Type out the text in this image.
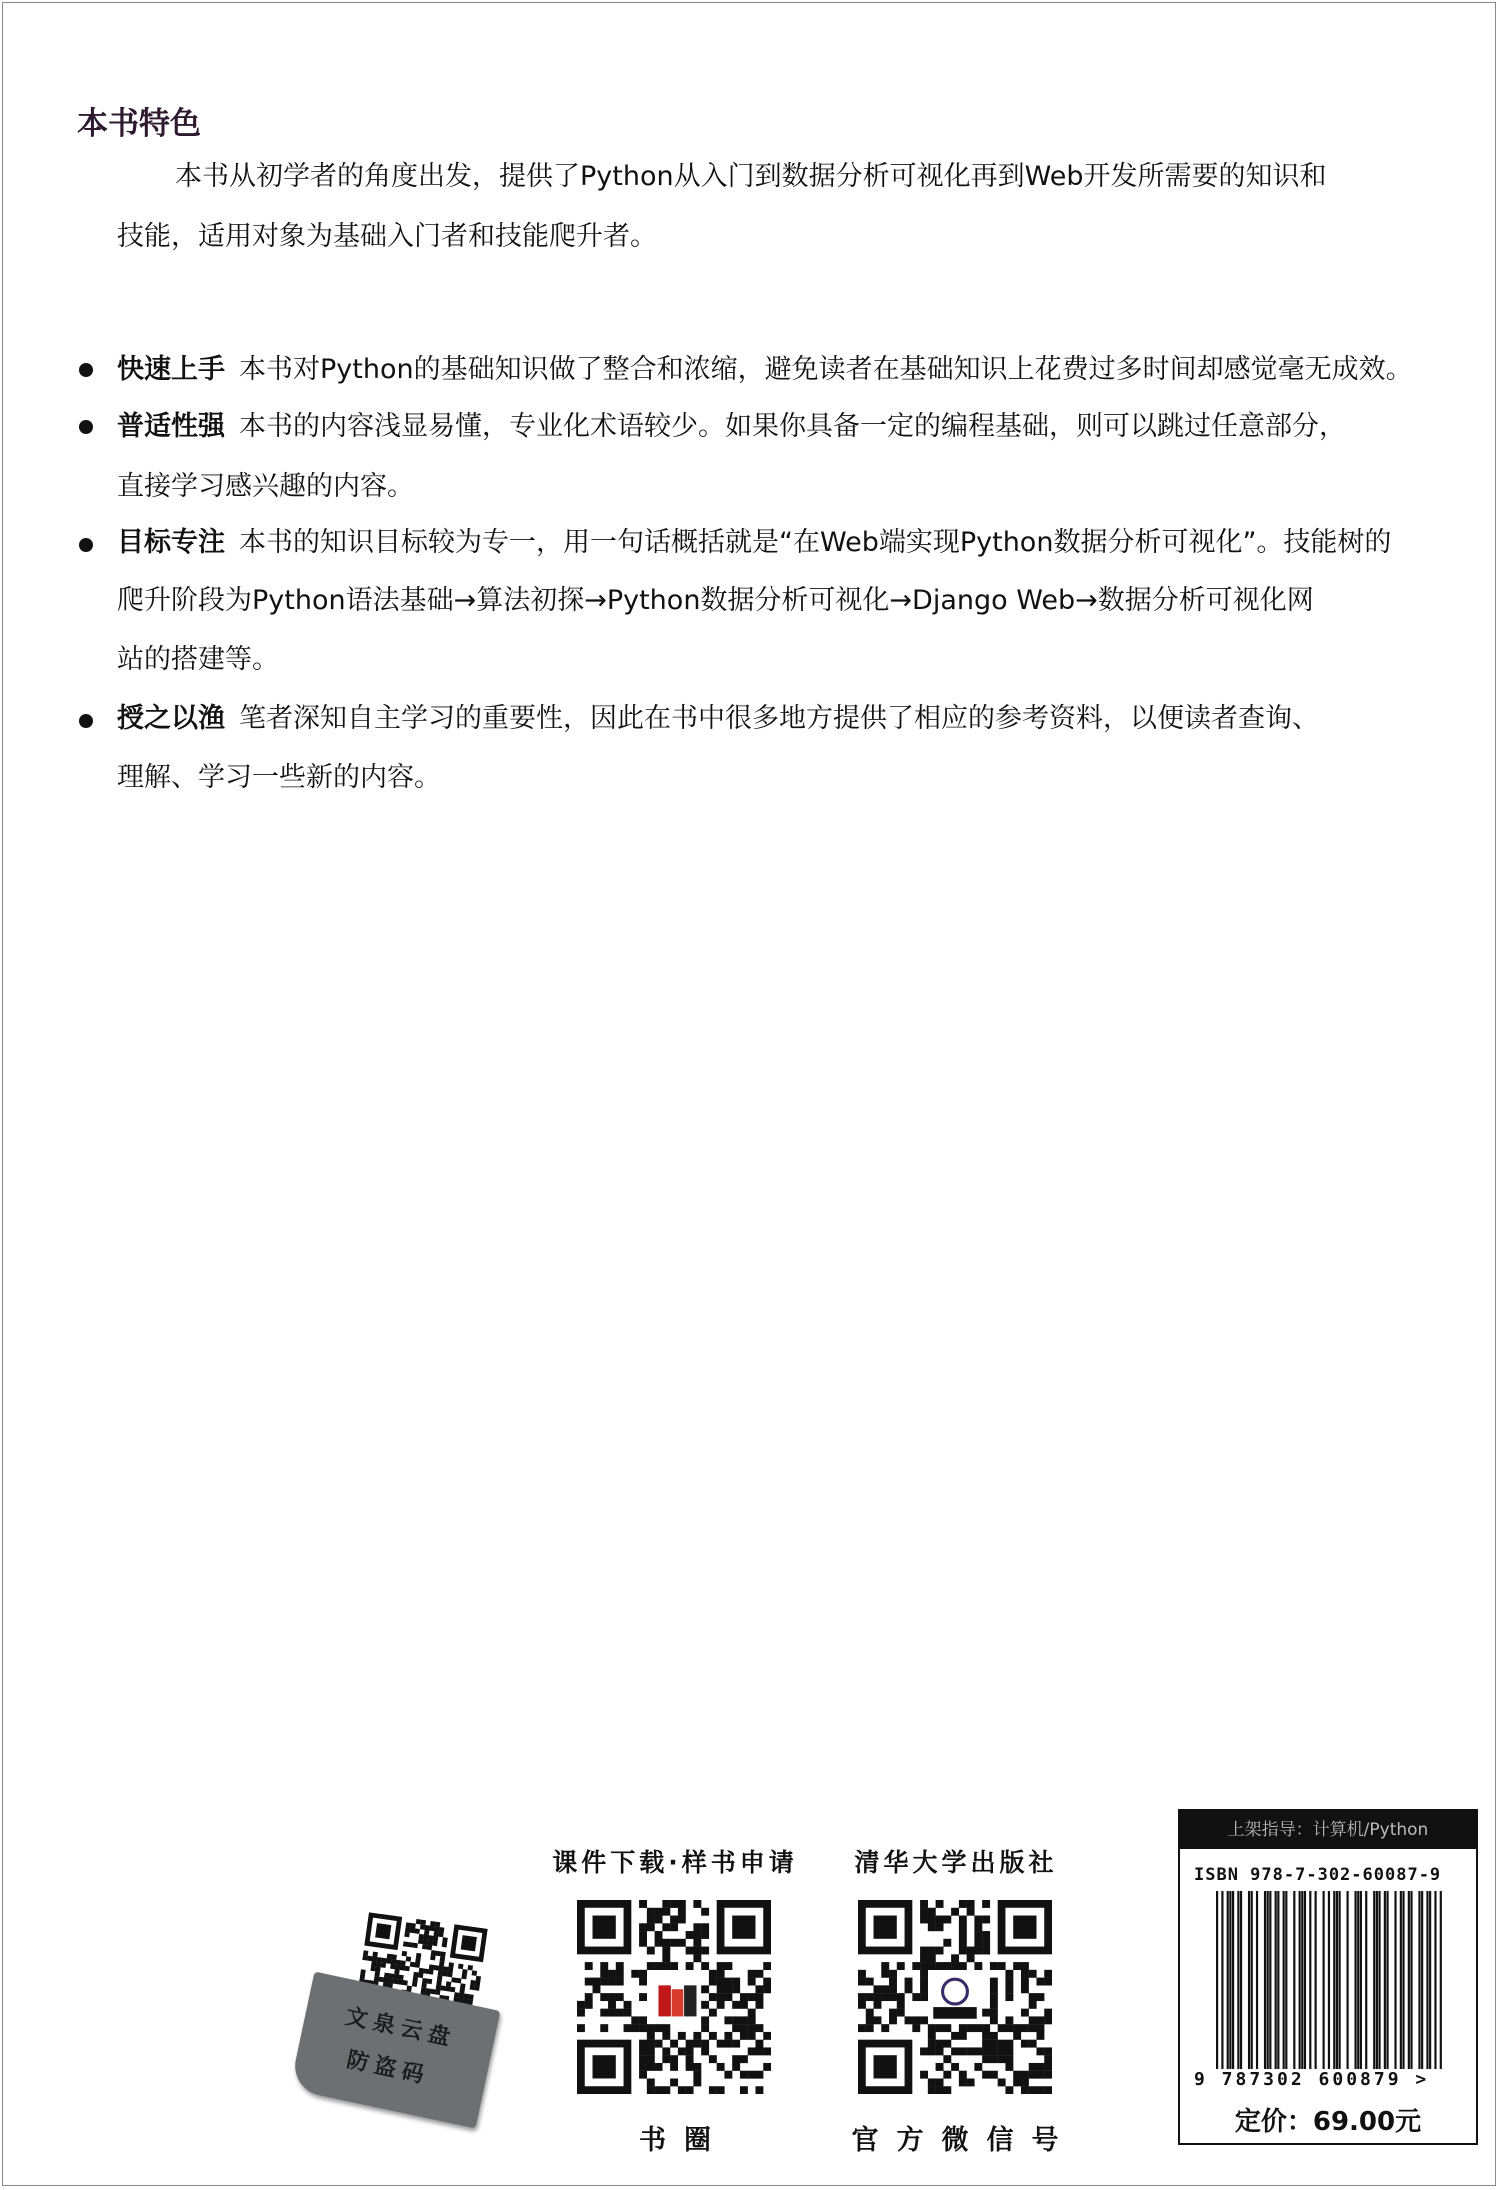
本书特色
本书从初学者的角度出发，提供了Python从入门到数据分析可视化再到Web开发所需要的知识和
技能，适用对象为基础入门者和技能爬升者。
快速上手 本书对Python的基础知识做了整合和浓缩，避免读者在基础知识上花费过多时间却感觉毫无成效。
普适性强 本书的内容浅显易懂，专业化术语较少。如果你具备一定的编程基础，则可以跳过任意部分，
直接学习感兴趣的内容。
目标专注 本书的知识目标较为专一，用一句话概括就是“在Web端实现Python数据分析可视化”。技能树的
爬升阶段为Python语法基础→算法初探→Python数据分析可视化→Django Web→数据分析可视化网
站的搭建等。
授之以渔 笔者深知自主学习的重要性，因此在书中很多地方提供了相应的参考资料，以便读者查询、
理解、学习一些新的内容。
文泉云盘
防盗码
课件下载·样书申请
书圈
清华大学出版社
官方微信号
上架指导：计算机/Python
ISBN 978-7-302-60087-9
9 787302 600879 >
定价：69.00元
